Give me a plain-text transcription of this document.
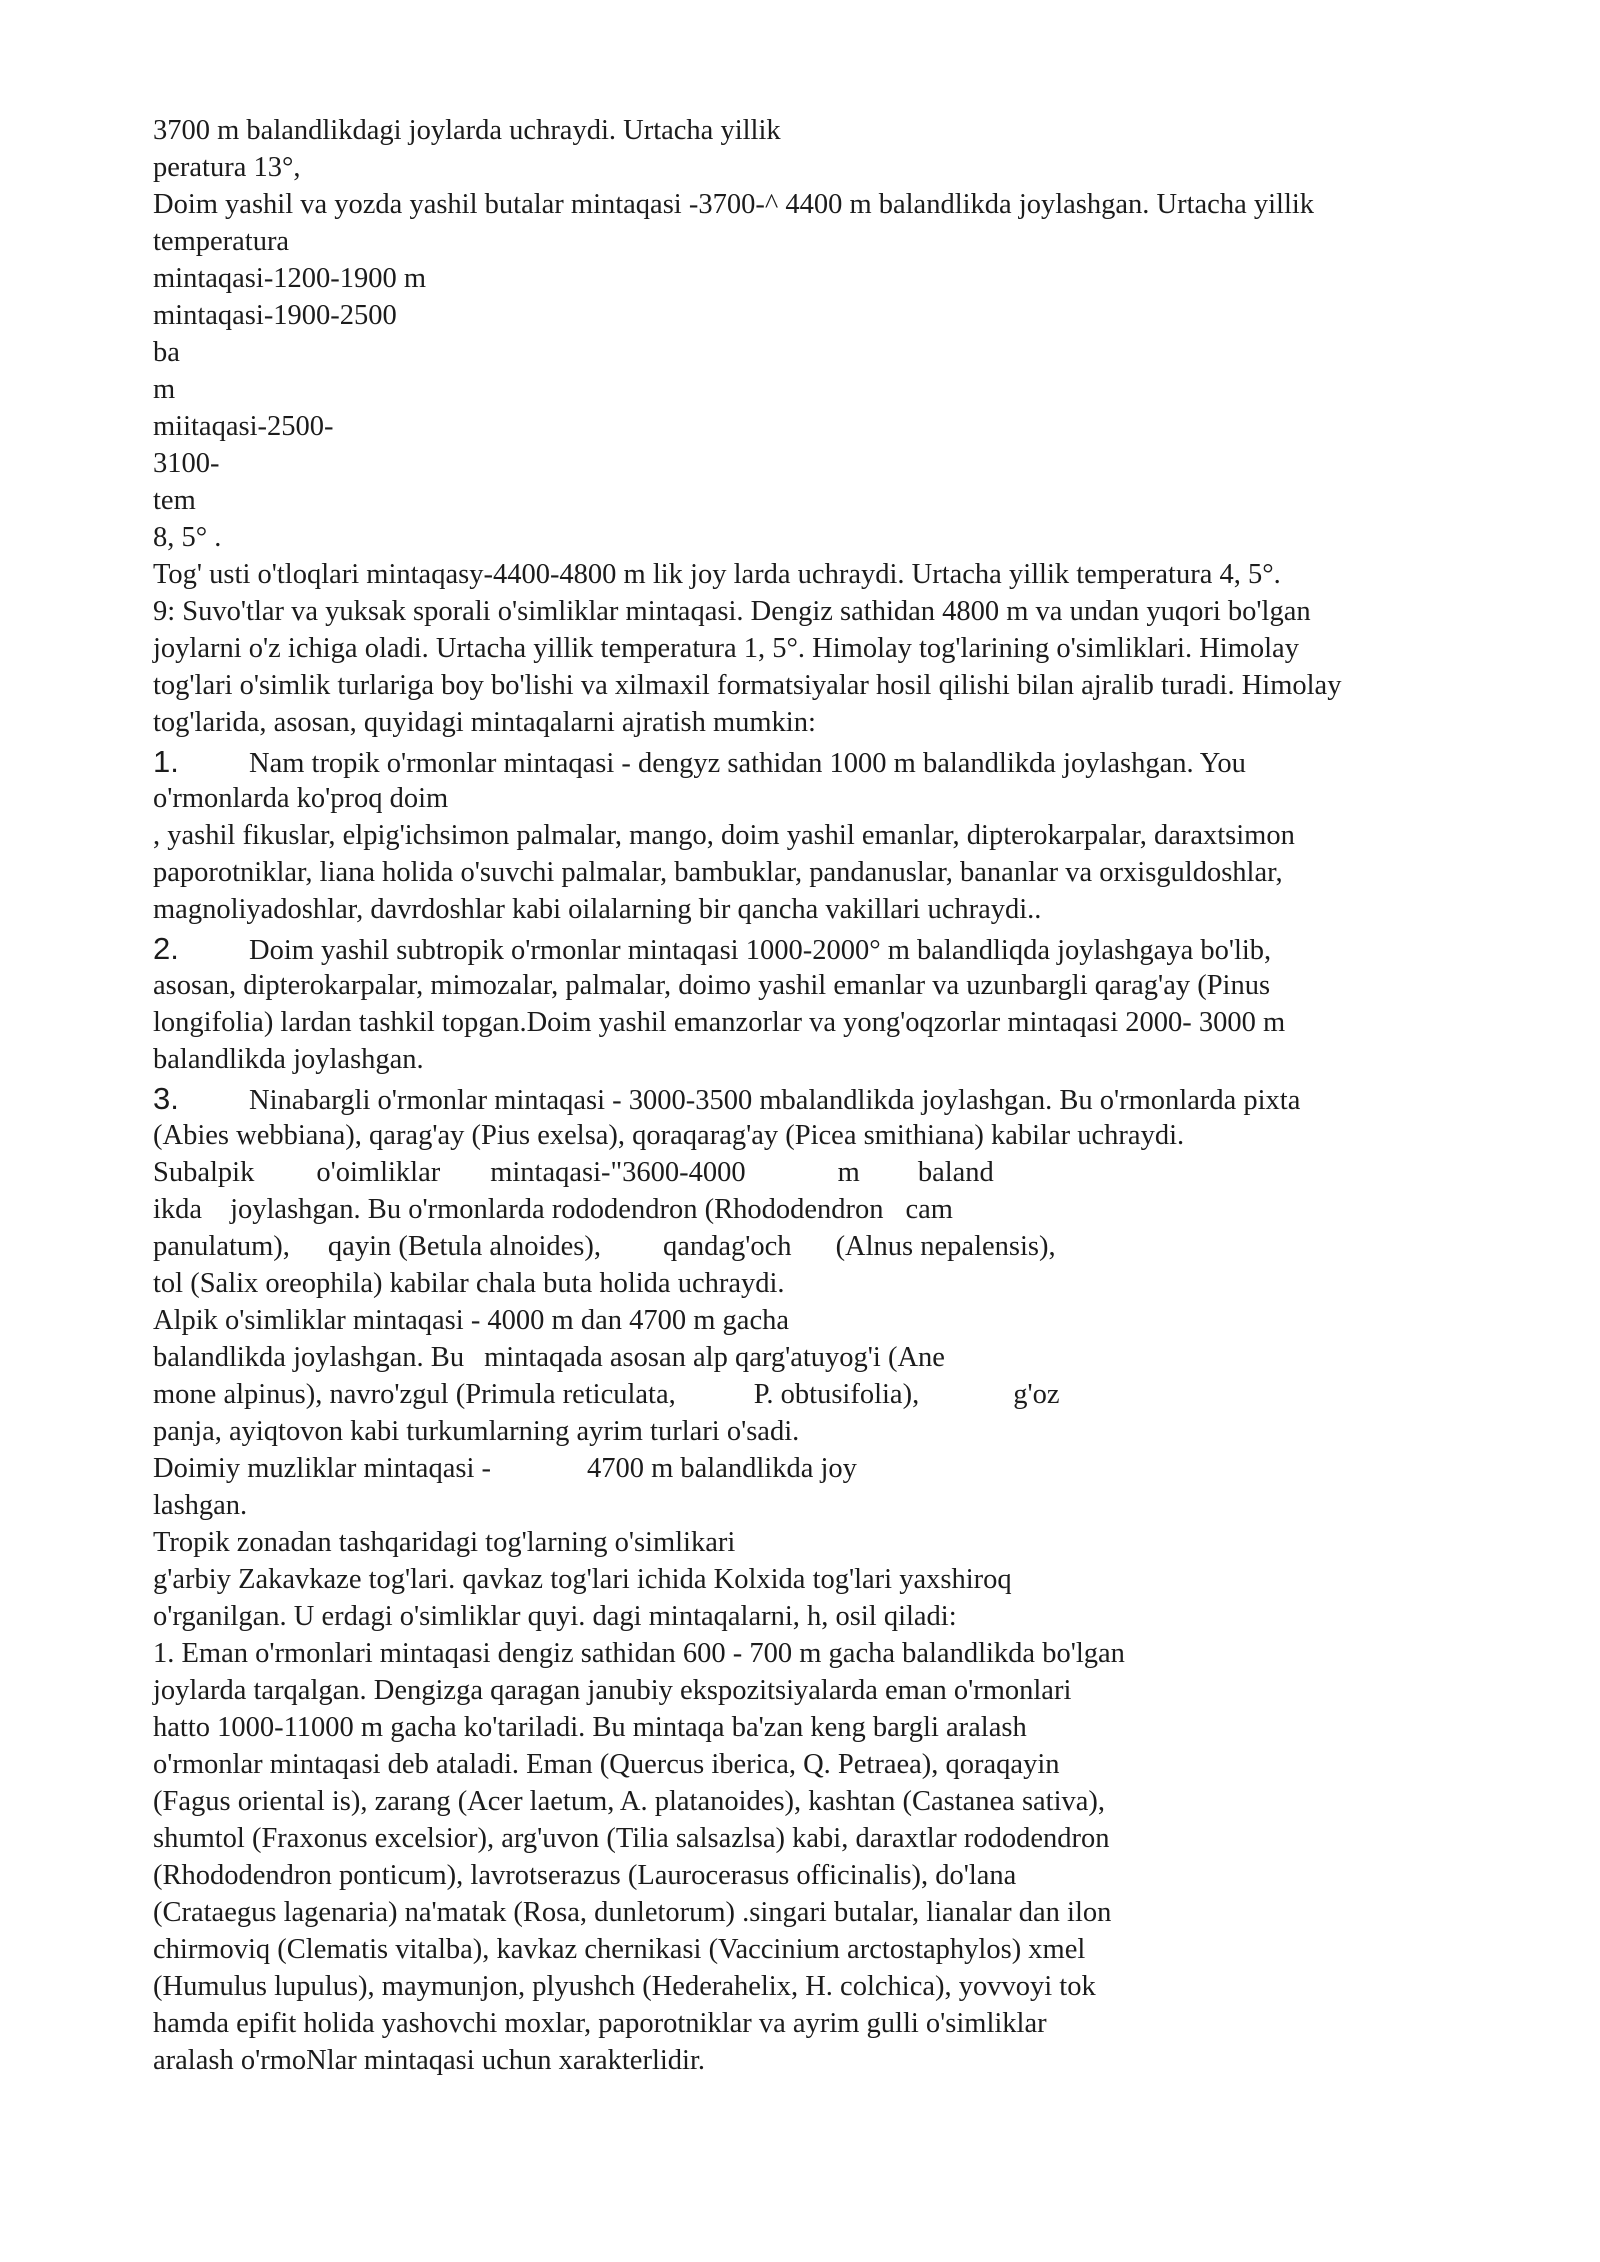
3700 m balandlikdagi joylarda uchraydi. Urtacha yillik
peratura 13°,
Doim yashil va yozda yashil butalar mintaqasi -3700-^ 4400 m balandlikda joylashgan. Urtacha yillik
temperatura
mintaqasi-1200-1900 m
mintaqasi-1900-2500
ba
m
miitaqasi-2500-
3100-
tem
8, 5° .
Tog' usti o'tloqlari mintaqasy-4400-4800 m lik joy larda uchraydi. Urtacha yillik temperatura 4, 5°.
9: Suvo'tlar va yuksak sporali o'simliklar mintaqasi. Dengiz sathidan 4800 m va undan yuqori bo'lgan
joylarni o'z ichiga oladi. Urtacha yillik temperatura 1, 5°. Himolay tog'larining o'simliklari. Himolay
tog'lari o'simlik turlariga boy bo'lishi va xilmaxil formatsiyalar hosil qilishi bilan ajralib turadi. Himolay
tog'larida, asosan, quyidagi mintaqalarni ajratish mumkin:
1. Nam tropik o'rmonlar mintaqasi - dengyz sathidan 1000 m balandlikda joylashgan. You
o'rmonlarda ko'proq doim
, yashil fikuslar, elpig'ichsimon palmalar, mango, doim yashil emanlar, dipterokarpalar, daraxtsimon
paporotniklar, liana holida o'suvchi palmalar, bambuklar, pandanuslar, bananlar va orxisguldoshlar,
magnoliyadoshlar, davrdoshlar kabi oilalarning bir qancha vakillari uchraydi..
2. Doim yashil subtropik o'rmonlar mintaqasi 1000-2000° m balandliqda joylashgaya bo'lib,
asosan, dipterokarpalar, mimozalar, palmalar, doimo yashil emanlar va uzunbargli qarag'ay (Pinus
longifolia) lardan tashkil topgan.Doim yashil emanzorlar va yong'oqzorlar mintaqasi 2000- 3000 m
balandlikda joylashgan.
3. Ninabargli o'rmonlar mintaqasi - 3000-3500 mbalandlikda joylashgan. Bu o'rmonlarda pixta
(Abies webbiana), qarag'ay (Pius exelsa), qoraqarag'ay (Picea smithiana) kabilar uchraydi.
Subalpik o'oimliklar mintaqasi-"3600-4000	m baland
ikda joylashgan. Bu o'rmonlarda rododendron (Rhododendron cam
panulatum), qayin (Betula alnoides), qandag'och (Alnus nepalensis),
tol (Salix oreophila) kabilar chala buta holida uchraydi.
Alpik o'simliklar mintaqasi - 4000 m dan 4700 m gacha
balandlikda joylashgan. Bu mintaqada asosan alp qarg'atuyog'i (Ane
mone alpinus), navro'zgul (Primula reticulata,	P. obtusifolia),	g'oz
panja, ayiqtovon kabi turkumlarning ayrim turlari o'sadi.
Doimiy muzliklar mintaqasi -	4700 m balandlikda joy
lashgan.
Tropik zonadan tashqaridagi tog'larning o'simlikari
g'arbiy Zakavkaze tog'lari. qavkaz tog'lari ichida Kolxida tog'lari yaxshiroq
o'rganilgan. U erdagi o'simliklar quyi. dagi mintaqalarni, h, osil qiladi:
1. Eman o'rmonlari mintaqasi dengiz sathidan 600 - 700 m gacha balandlikda bo'lgan
joylarda tarqalgan. Dengizga qaragan janubiy ekspozitsiyalarda eman o'rmonlari
hatto 1000-11000 m gacha ko'tariladi. Bu mintaqa ba'zan keng bargli aralash
o'rmonlar mintaqasi deb ataladi. Eman (Quercus iberica, Q. Petraea), qoraqayin
(Fagus oriental is), zarang (Acer laetum, A. platanoides), kashtan (Castanea sativa),
shumtol (Fraxonus excelsior), arg'uvon (Tilia salsazlsa) kabi, daraxtlar rododendron
(Rhododendron ponticum), lavrotserazus (Laurocerasus officinalis), do'lana
(Crataegus lagenaria) na'matak (Rosa, dunletorum) .singari butalar, lianalar dan ilon
chirmoviq (Clematis vitalba), kavkaz chernikasi (Vaccinium arctostaphylos) xmel
(Humulus lupulus), maymunjon, plyushch (Hederahelix, H. colchica), yovvoyi tok
hamda epifit holida yashovchi moxlar, paporotniklar va ayrim gulli o'simliklar
aralash o'rmoNlar mintaqasi uchun xarakterlidir.
